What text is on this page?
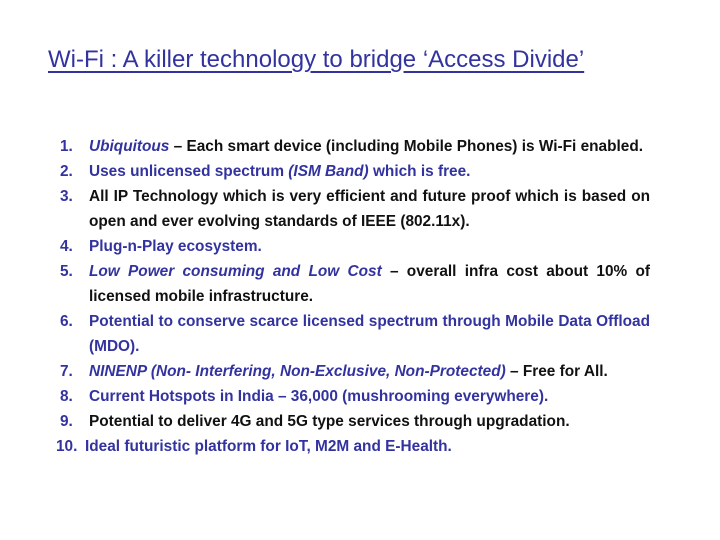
Wi-Fi : A killer technology to bridge ‘Access Divide’
1.	Ubiquitous – Each smart device (including Mobile Phones) is Wi-Fi enabled.
2.	Uses unlicensed spectrum (ISM Band) which is free.
3.	All IP Technology which is very efficient and future proof which is based on open and ever evolving standards of IEEE (802.11x).
4.	Plug-n-Play ecosystem.
5.	Low Power consuming and Low Cost – overall infra cost about 10% of licensed mobile infrastructure.
6.	Potential to conserve scarce licensed spectrum through Mobile Data Offload (MDO).
7.	NINENP (Non- Interfering, Non-Exclusive, Non-Protected) – Free for All.
8.	Current Hotspots in India – 36,000 (mushrooming everywhere).
9.	Potential to deliver 4G and 5G type services through upgradation.
10. Ideal futuristic platform for IoT, M2M and E-Health.
